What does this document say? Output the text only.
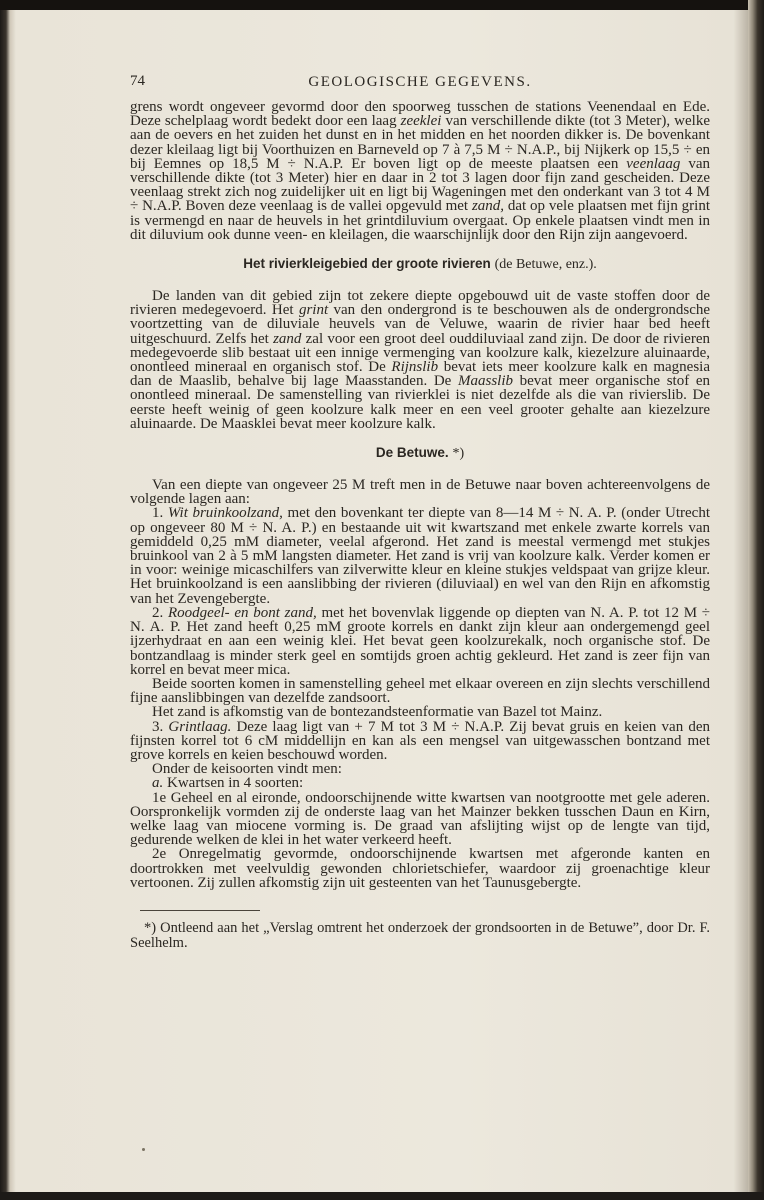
74	GEOLOGISCHE GEGEVENS.

grens wordt ongeveer gevormd door den spoorweg tusschen de stations Veenendaal en Ede. Deze schelplaag wordt bedekt door een laag zeeklei van verschillende dikte (tot 3 Meter), welke aan de oevers en het zuiden het dunst en in het midden en het noorden dikker is. De bovenkant dezer kleilaag ligt bij Voorthuizen en Barneveld op 7 à 7,5 M ÷ N.A.P., bij Nijkerk op 15,5 ÷ en bij Eemnes op 18,5 M ÷ N.A.P. Er boven ligt op de meeste plaatsen een veenlaag van verschillende dikte (tot 3 Meter) hier en daar in 2 tot 3 lagen door fijn zand gescheiden. Deze veenlaag strekt zich nog zuidelijker uit en ligt bij Wageningen met den onderkant van 3 tot 4 M ÷ N.A.P. Boven deze veenlaag is de vallei opgevuld met zand, dat op vele plaatsen met fijn grint is vermengd en naar de heuvels in het grintdiluvium overgaat. Op enkele plaatsen vindt men in dit diluvium ook dunne veen- en kleilagen, die waarschijnlijk door den Rijn zijn aangevoerd.

Het rivierkleigebied der groote rivieren (de Betuwe, enz.).

De landen van dit gebied zijn tot zekere diepte opgebouwd uit de vaste stoffen door de rivieren medegevoerd. Het grint van den ondergrond is te beschouwen als de ondergrondsche voortzetting van de diluviale heuvels van de Veluwe, waarin de rivier haar bed heeft uitgeschuurd. Zelfs het zand zal voor een groot deel ouddiluviaal zand zijn. De door de rivieren medegevoerde slib bestaat uit een innige vermenging van koolzure kalk, kiezelzure aluinaarde, onontleed mineraal en organisch stof. De Rijnslib bevat iets meer koolzure kalk en magnesia dan de Maaslib, behalve bij lage Maasstanden. De Maasslib bevat meer organische stof en onontleed mineraal. De samenstelling van rivierklei is niet dezelfde als die van rivierslib. De eerste heeft weinig of geen koolzure kalk meer en een veel grooter gehalte aan kiezelzure aluinaarde. De Maasklei bevat meer koolzure kalk.

De Betuwe. *)

Van een diepte van ongeveer 25 M treft men in de Betuwe naar boven achtereenvolgens de volgende lagen aan:

1. Wit bruinkoolzand, met den bovenkant ter diepte van 8—14 M ÷ N. A. P. (onder Utrecht op ongeveer 80 M ÷ N. A. P.) en bestaande uit wit kwartszand met enkele zwarte korrels van gemiddeld 0,25 mM diameter, veelal afgerond. Het zand is meestal vermengd met stukjes bruinkool van 2 à 5 mM langsten diameter. Het zand is vrij van koolzure kalk. Verder komen er in voor: weinige micaschilfers van zilverwitte kleur en kleine stukjes veldspaat van grijze kleur. Het bruinkoolzand is een aanslibbing der rivieren (diluviaal) en wel van den Rijn en afkomstig van het Zevengebergte.

2. Roodgeel- en bont zand, met het bovenvlak liggende op diepten van N. A. P. tot 12 M ÷ N. A. P. Het zand heeft 0,25 mM groote korrels en dankt zijn kleur aan ondergemengd geel ijzerhydraat en aan een weinig klei. Het bevat geen koolzurekalk, noch organische stof. De bontzandlaag is minder sterk geel en somtijds groen achtig gekleurd. Het zand is zeer fijn van korrel en bevat meer mica.

Beide soorten komen in samenstelling geheel met elkaar overeen en zijn slechts verschillend fijne aanslibbingen van dezelfde zandsoort.

Het zand is afkomstig van de bontezandsteenformatie van Bazel tot Mainz.

3. Grintlaag. Deze laag ligt van + 7 M tot 3 M ÷ N.A.P. Zij bevat gruis en keien van den fijnsten korrel tot 6 cM middellijn en kan als een mengsel van uitgewasschen bontzand met grove korrels en keien beschouwd worden.

Onder de keisoorten vindt men:

a. Kwartsen in 4 soorten:

1e Geheel en al eironde, ondoorschijnende witte kwartsen van nootgrootte met gele aderen. Oorspronkelijk vormden zij de onderste laag van het Mainzer bekken tusschen Daun en Kirn, welke laag van miocene vorming is. De graad van afslijting wijst op de lengte van tijd, gedurende welken de klei in het water verkeerd heeft.

2e Onregelmatig gevormde, ondoorschijnende kwartsen met afgeronde kanten en doortrokken met veelvuldig gewonden chlorietschiefer, waardoor zij groenachtige kleur vertoonen. Zij zullen afkomstig zijn uit gesteenten van het Taunusgebergte.

*) Ontleend aan het „Verslag omtrent het onderzoek der grondsoorten in de Betuwe”, door Dr. F. Seelhelm.
